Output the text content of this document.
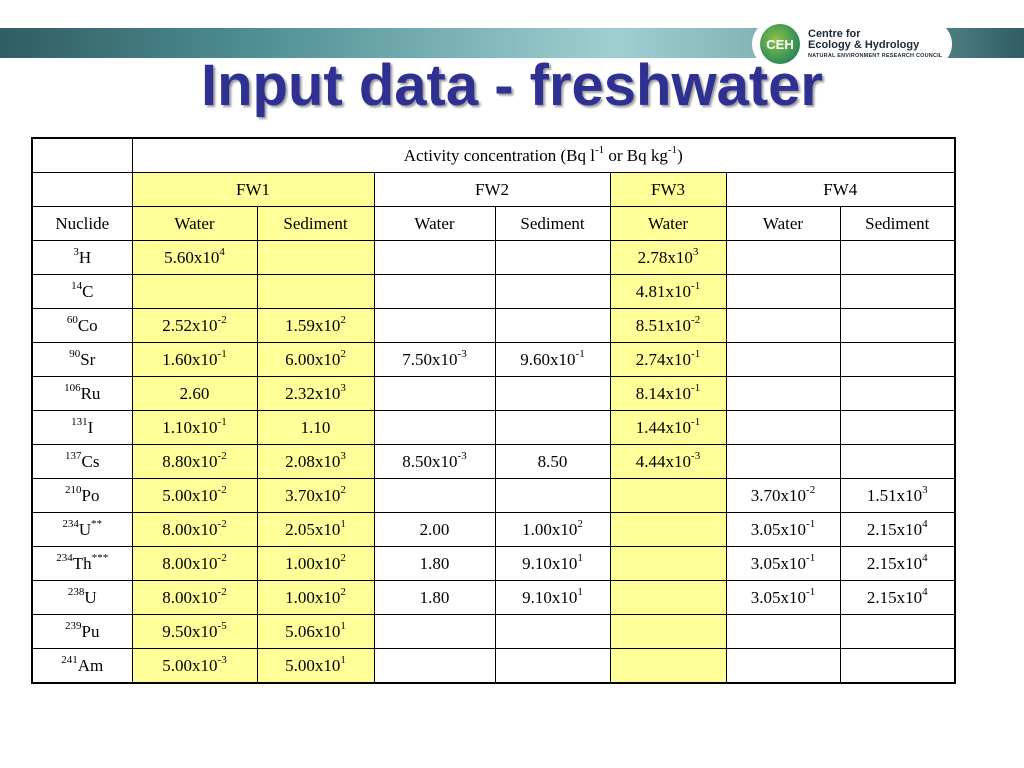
CEH
Centre for
Ecology & Hydrology
NATURAL ENVIRONMENT RESEARCH COUNCIL
Input data - freshwater
	Activity concentration (Bq $l^{-1}$ or Bq $kg^{-1}$)						
	FW1		FW2		FW3	FW4	
Nuclide	Water	Sediment	Water	Sediment	Water	Water	Sediment
$^3$H	$5.60x10^4$				$2.78x10^3$		
$^{14}$C					$4.81x10^{-1}$		
$^{60}$Co	$2.52x10^{-2}$	$1.59x10^2$			$8.51x10^{-2}$		
$^{90}$Sr	$1.60x10^{-1}$	$6.00x10^2$	$7.50x10^{-3}$	$9.60x10^{-1}$	$2.74x10^{-1}$		
$^{106}$Ru	2.60	$2.32x10^3$			$8.14x10^{-1}$		
$^{131}$I	$1.10x10^{-1}$	1.10			$1.44x10^{-1}$		
$^{137}$Cs	$8.80x10^{-2}$	$2.08x10^3$	$8.50x10^{-3}$	8.50	$4.44x10^{-3}$		
$^{210}$Po	$5.00x10^{-2}$	$3.70x10^2$				$3.70x10^{-2}$	$1.51x10^3$
$^{234}$U**	$8.00x10^{-2}$	$2.05x10^1$	2.00	$1.00x10^2$		$3.05x10^{-1}$	$2.15x10^4$
$^{234}$Th***	$8.00x10^{-2}$	$1.00x10^2$	1.80	$9.10x10^1$		$3.05x10^{-1}$	$2.15x10^4$
$^{238}$U	$8.00x10^{-2}$	$1.00x10^2$	1.80	$9.10x10^1$		$3.05x10^{-1}$	$2.15x10^4$
$^{239}$Pu	$9.50x10^{-5}$	$5.06x10^1$					
$^{241}$Am	$5.00x10^{-3}$	$5.00x10^1$					
